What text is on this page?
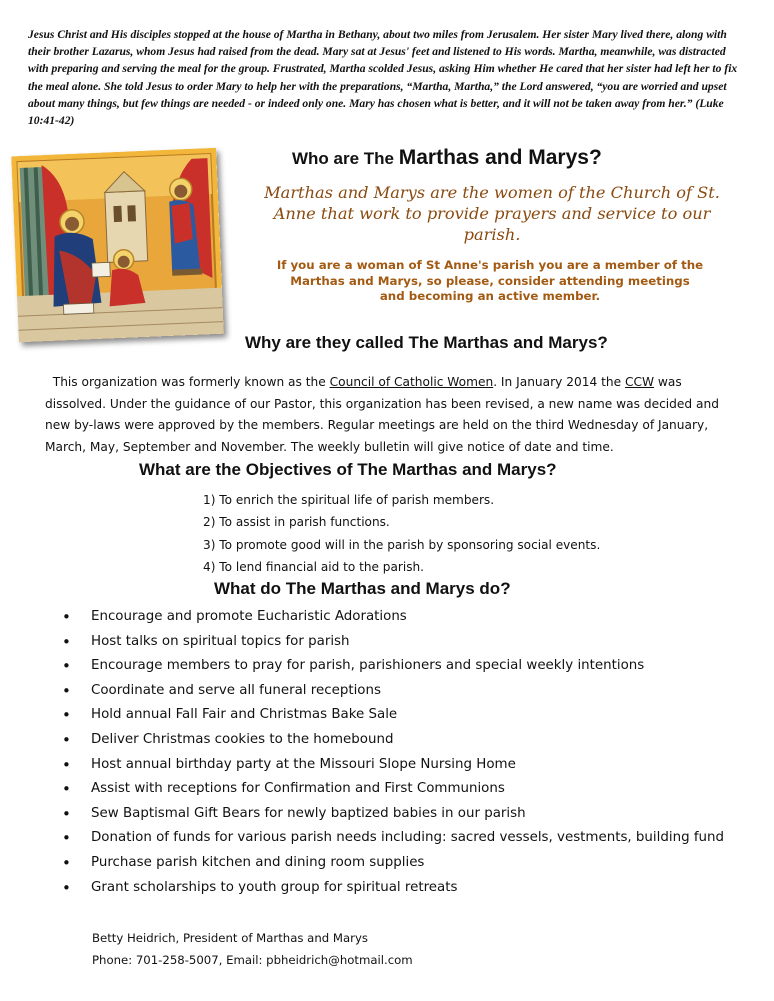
Jesus Christ and His disciples stopped at the house of Martha in Bethany, about two miles from Jerusalem. Her sister Mary lived there, along with their brother Lazarus, whom Jesus had raised from the dead. Mary sat at Jesus' feet and listened to His words. Martha, meanwhile, was distracted with preparing and serving the meal for the group. Frustrated, Martha scolded Jesus, asking Him whether He cared that her sister had left her to fix the meal alone. She told Jesus to order Mary to help her with the preparations, “Martha, Martha,” the Lord answered, “you are worried and upset about many things, but few things are needed - or indeed only one. Mary has chosen what is better, and it will not be taken away from her.” (Luke 10:41-42)

Who are The Marthas and Marys?

Marthas and Marys are the women of the Church of St. Anne that work to provide prayers and service to our parish.

If you are a woman of St Anne's parish you are a member of the Marthas and Marys, so please, consider attending meetings and becoming an active member.

Why are they called The Marthas and Marys?

This organization was formerly known as the Council of Catholic Women. In January 2014 the CCW was dissolved. Under the guidance of our Pastor, this organization has been revised, a new name was decided and new by-laws were approved by the members. Regular meetings are held on the third Wednesday of January, March, May, September and November. The weekly bulletin will give notice of date and time.

What are the Objectives of The Marthas and Marys?
1) To enrich the spiritual life of parish members.
2) To assist in parish functions.
3) To promote good will in the parish by sponsoring social events.
4) To lend financial aid to the parish.
What do The Marthas and Marys do?
• Encourage and promote Eucharistic Adorations
• Host talks on spiritual topics for parish
• Encourage members to pray for parish, parishioners and special weekly intentions
• Coordinate and serve all funeral receptions
• Hold annual Fall Fair and Christmas Bake Sale
• Deliver Christmas cookies to the homebound
• Host annual birthday party at the Missouri Slope Nursing Home
• Assist with receptions for Confirmation and First Communions
• Sew Baptismal Gift Bears for newly baptized babies in our parish
• Donation of funds for various parish needs including: sacred vessels, vestments, building fund
• Purchase parish kitchen and dining room supplies
• Grant scholarships to youth group for spiritual retreats
Betty Heidrich, President of Marthas and Marys
Phone: 701-258-5007, Email: pbheidrich@hotmail.com
